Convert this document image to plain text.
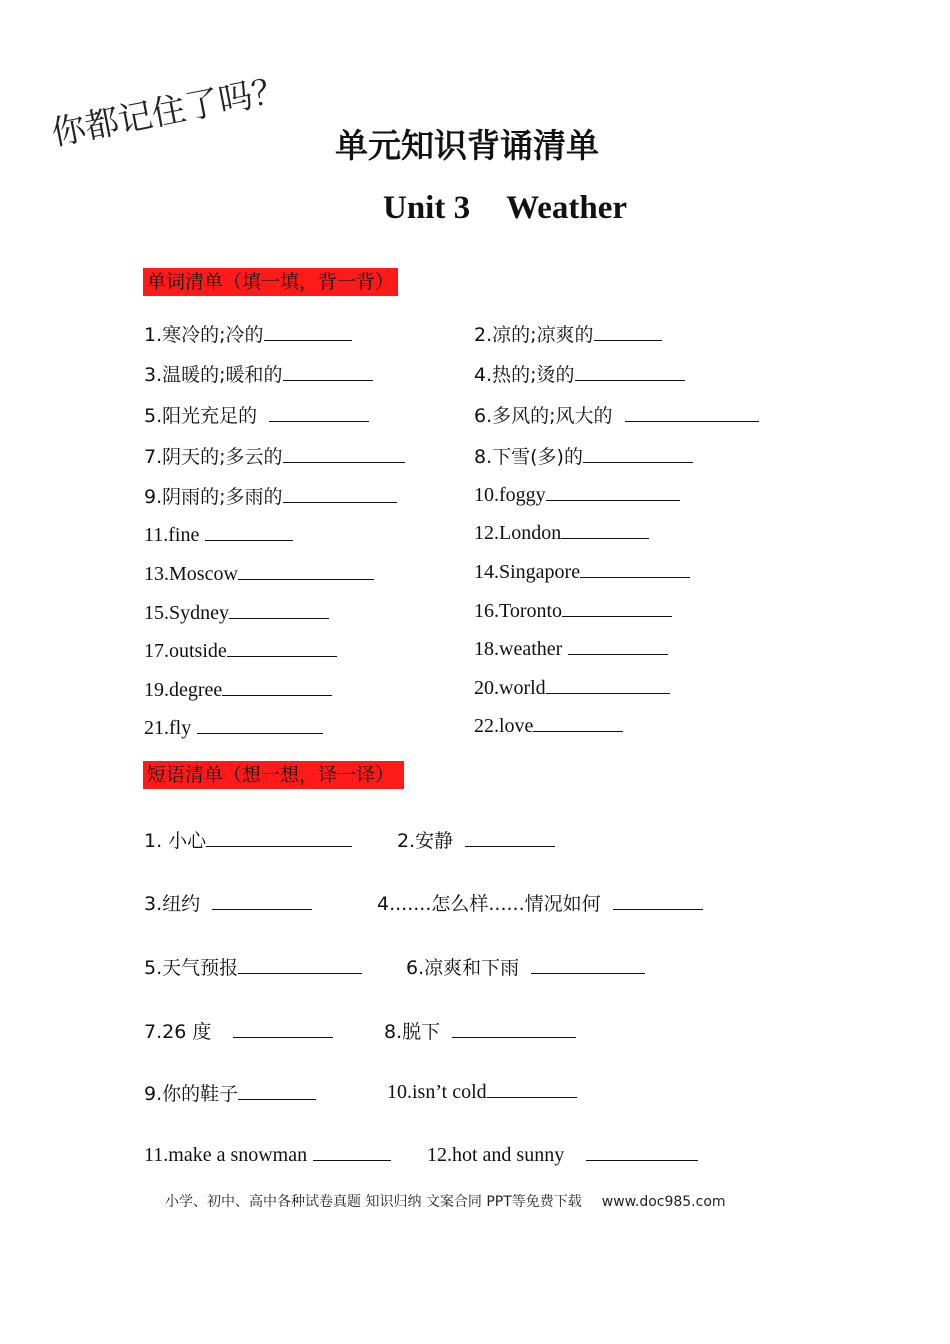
你都记住了吗？ 单元知识背诵清单
Unit 3 Weather
单词清单（填一填，背一背）
1.寒冷的;冷的	2.凉的;凉爽的
3.温暖的;暖和的	4.热的;烫的
5.阳光充足的	6.多风的;风大的
7.阴天的;多云的	8.下雪(多)的
9.阴雨的;多雨的	10.foggy
11.fine	12.London
13.Moscow	14.Singapore
15.Sydney	16.Toronto
17.outside	18.weather
19.degree	20.world
21.fly	22.love
短语清单（想一想，译一译）
1. 小心	2.安静
3.纽约	4.......怎么样......情况如何
5.天气预报	6.凉爽和下雨
7.26 度	8.脱下
9.你的鞋子	10.isn’t cold
11.make a snowman	12.hot and sunny
小学、初中、高中各种试卷真题 知识归纳 文案合同 PPT等免费下载 www.doc985.com
